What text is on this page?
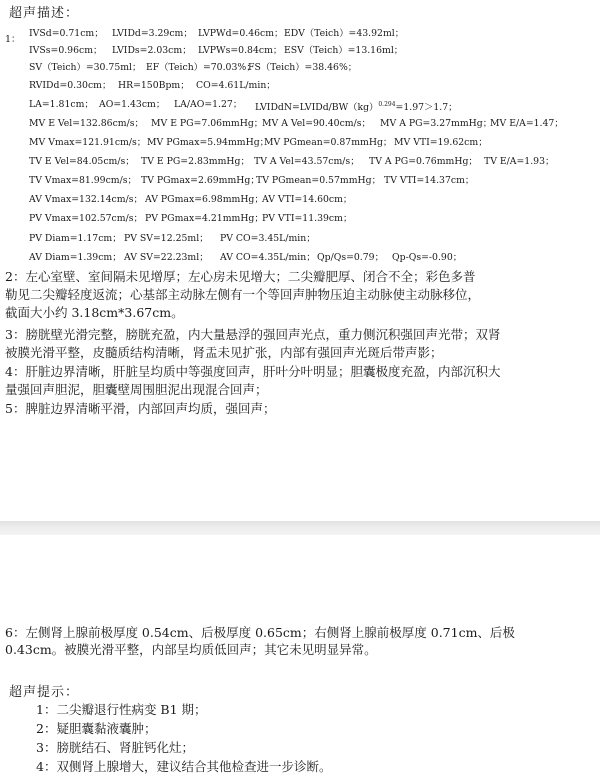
超声描述：
1：
IVSd=0.71cm； LVIDd=3.29cm； LVPWd=0.46cm； EDV（Teich）=43.92ml；
IVSs=0.96cm； LVIDs=2.03cm； LVPWs=0.84cm； ESV（Teich）=13.16ml；
SV（Teich）=30.75ml； EF（Teich）=70.03%；
FS（Teich）=38.46%；
RVIDd=0.30cm； HR=150Bpm； CO=4.61L/min；
LA=1.81cm； AO=1.43cm； LA/AO=1.27； LVIDdN=LVIDd/BW（kg）$^{0.294}$=1.97＞1.7；
MV E Vel=132.86cm/s； MV E PG=7.06mmHg；
MV A Vel=90.40cm/s； MV A PG=3.27mmHg；
MV E/A=1.47；
MV Vmax=121.91cm/s； MV PGmax=5.94mmHg；
MV PGmean=0.87mmHg； MV VTI=19.62cm；
TV E Vel=84.05cm/s； TV E PG=2.83mmHg； TV A Vel=43.57cm/s； TV A PG=0.76mmHg； TV E/A=1.93；
TV Vmax=81.99cm/s； TV PGmax=2.69mmHg；
TV PGmean=0.57mmHg； TV VTI=14.37cm；
AV Vmax=132.14cm/s； AV PGmax=6.98mmHg；
AV VTI=14.60cm；
PV Vmax=102.57cm/s； PV PGmax=4.21mmHg；
PV VTI=11.39cm；
PV Diam=1.17cm； PV SV=12.25ml； PV CO=3.45L/min；
AV Diam=1.39cm； AV SV=22.23ml； AV CO=4.35L/min； Qp/Qs=0.79； Qp-Qs=-0.90；
2：左心室壁、室间隔未见增厚；左心房未见增大；二尖瓣肥厚、闭合不全；彩色多普
勒见二尖瓣轻度返流；心基部主动脉左侧有一个等回声肿物压迫主动脉使主动脉移位，
截面大小约 3.18cm*3.67cm。
3：膀胱壁光滑完整，膀胱充盈，内大量悬浮的强回声光点，重力侧沉积强回声光带；双肾
被膜光滑平整，皮髓质结构清晰，肾盂未见扩张，内部有强回声光斑后带声影；
4：肝脏边界清晰，肝脏呈均质中等强度回声，肝叶分叶明显；胆囊极度充盈，内部沉积大
量强回声胆泥，胆囊壁周围胆泥出现混合回声；
5：脾脏边界清晰平滑，内部回声均质，强回声；
6：左侧肾上腺前极厚度 0.54cm、后极厚度 0.65cm；右侧肾上腺前极厚度 0.71cm、后极
0.43cm。被膜光滑平整，内部呈均质低回声；其它未见明显异常。
超声提示：
1：二尖瓣退行性病变 B1 期；
2：疑胆囊黏液囊肿；
3：膀胱结石、肾脏钙化灶；
4：双侧肾上腺增大，建议结合其他检查进一步诊断。
